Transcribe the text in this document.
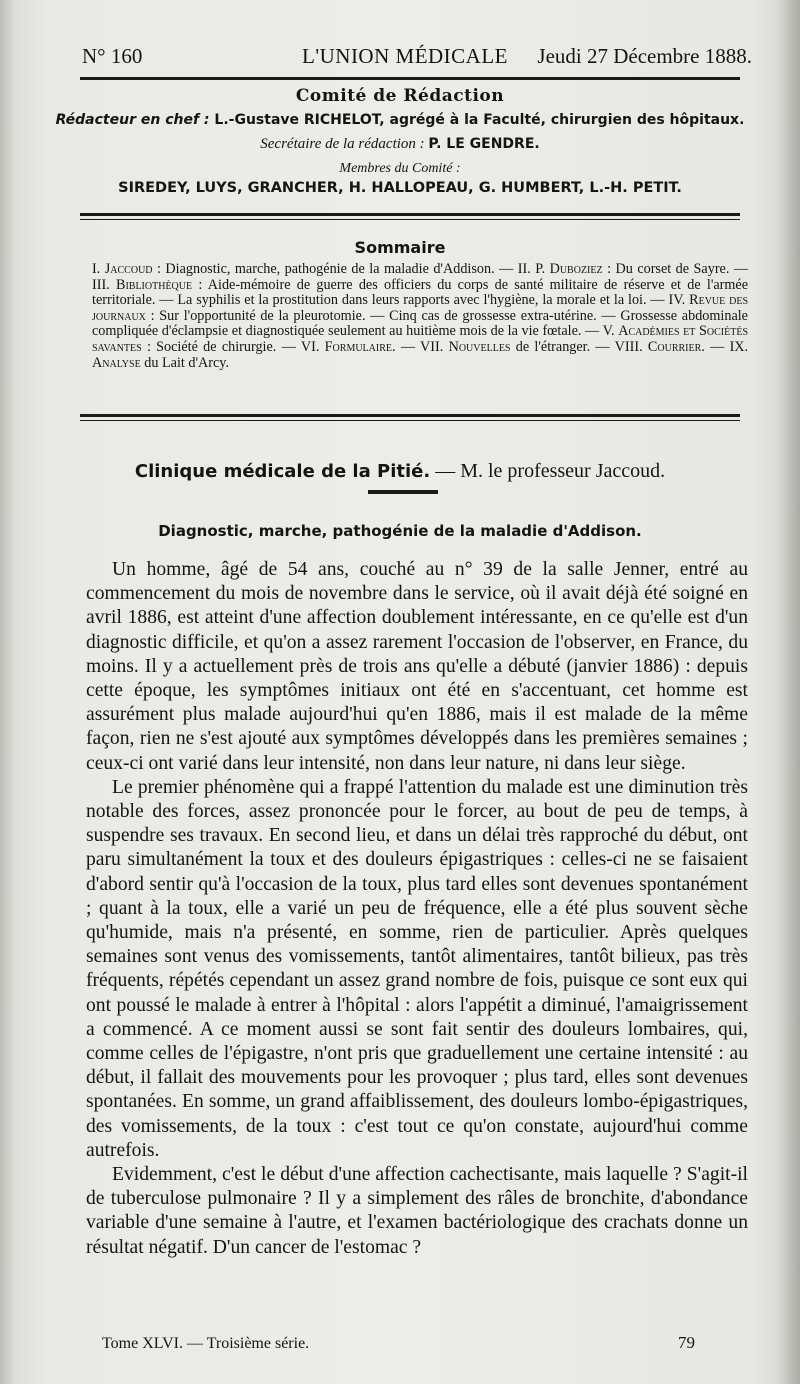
N° 160	L'UNION MÉDICALE Jeudi 27 Décembre 1888.
Comité de Rédaction
Rédacteur en chef : L.-Gustave RICHELOT, agrégé à la Faculté, chirurgien des hôpitaux.
Secrétaire de la rédaction : P. LE GENDRE.
Membres du Comité :
SIREDEY, LUYS, GRANCHER, H. HALLOPEAU, G. HUMBERT, L.-H. PETIT.
Sommaire
I. Jaccoud : Diagnostic, marche, pathogénie de la maladie d'Addison. — II. P. Duboziez : Du corset de Sayre. — III. Bibliothèque : Aide-mémoire de guerre des officiers du corps de santé militaire de réserve et de l'armée territoriale. — La syphilis et la prostitution dans leurs rapports avec l'hygiène, la morale et la loi. — IV. Revue des journaux : Sur l'opportunité de la pleurotomie. — Cinq cas de grossesse extra-utérine. — Grossesse abdominale compliquée d'éclampsie et diagnostiquée seulement au huitième mois de la vie fœtale. — V. Académies et Sociétés savantes : Société de chirurgie. — VI. Formulaire. — VII. Nouvelles de l'étranger. — VIII. Courrier. — IX. Analyse du Lait d'Arcy.
Clinique médicale de la Pitié. — M. le professeur Jaccoud.
Diagnostic, marche, pathogénie de la maladie d'Addison.

Un homme, âgé de 54 ans, couché au n° 39 de la salle Jenner, entré au commencement du mois de novembre dans le service, où il avait déjà été soigné en avril 1886, est atteint d'une affection doublement intéressante, en ce qu'elle est d'un diagnostic difficile, et qu'on a assez rarement l'occasion de l'observer, en France, du moins. Il y a actuellement près de trois ans qu'elle a débuté (janvier 1886) : depuis cette époque, les symptômes initiaux ont été en s'accentuant, cet homme est assurément plus malade aujourd'hui qu'en 1886, mais il est malade de la même façon, rien ne s'est ajouté aux symptômes développés dans les premières semaines ; ceux-ci ont varié dans leur intensité, non dans leur nature, ni dans leur siège.

Le premier phénomène qui a frappé l'attention du malade est une diminution très notable des forces, assez prononcée pour le forcer, au bout de peu de temps, à suspendre ses travaux. En second lieu, et dans un délai très rapproché du début, ont paru simultanément la toux et des douleurs épigastriques : celles-ci ne se faisaient d'abord sentir qu'à l'occasion de la toux, plus tard elles sont devenues spontanément ; quant à la toux, elle a varié un peu de fréquence, elle a été plus souvent sèche qu'humide, mais n'a présenté, en somme, rien de particulier. Après quelques semaines sont venus des vomissements, tantôt alimentaires, tantôt bilieux, pas très fréquents, répétés cependant un assez grand nombre de fois, puisque ce sont eux qui ont poussé le malade à entrer à l'hôpital : alors l'appétit a diminué, l'amaigrissement a commencé. A ce moment aussi se sont fait sentir des douleurs lombaires, qui, comme celles de l'épigastre, n'ont pris que graduellement une certaine intensité : au début, il fallait des mouvements pour les provoquer ; plus tard, elles sont devenues spontanées. En somme, un grand affaiblissement, des douleurs lombo-épigastriques, des vomissements, de la toux : c'est tout ce qu'on constate, aujourd'hui comme autrefois.

Evidemment, c'est le début d'une affection cachectisante, mais laquelle ? S'agit-il de tuberculose pulmonaire ? Il y a simplement des râles de bronchite, d'abondance variable d'une semaine à l'autre, et l'examen bactériologique des crachats donne un résultat négatif. D'un cancer de l'estomac ?

Tome XLVI. — Troisième série.	79
